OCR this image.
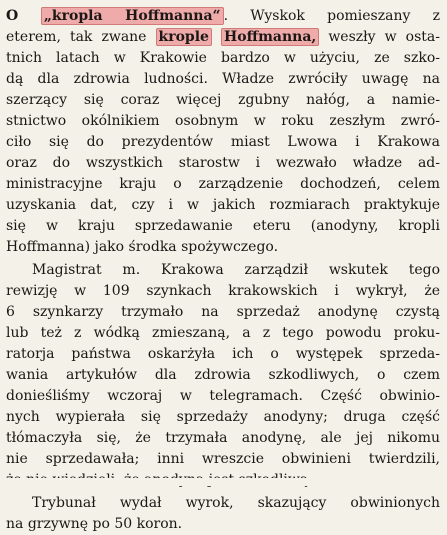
O „kropla Hoffmanna“ . Wyskok pomieszany z
eterem, tak zwane krople Hoffmanna, weszły w osta-
tnich latach w Krakowie bardzo w użyciu, ze szko-
dą dla zdrowia ludności. Władze zwróciły uwagę na
szerzący się coraz więcej zgubny nałóg, a namie-
stnictwo okólnikiem osobnym w roku zeszłym zwró-
ciło się do prezydentów miast Lwowa i Krakowa
oraz do wszystkich starostw i wezwało władze ad-
ministracyjne kraju o zarządzenie dochodzeń, celem
uzyskania dat, czy i w jakich rozmiarach praktykuje
się w kraju sprzedawanie eteru (anodyny, kropli
Hoffmanna) jako środka spożywczego.
Magistrat m. Krakowa zarządził wskutek tego
rewizję w 109 szynkach krakowskich i wykrył, że
6 szynkarzy trzymało na sprzedaż anodynę czystą
lub też z wódką zmieszaną, a z tego powodu proku-
ratorja państwa oskarżyła ich o występek sprzeda-
wania artykułów dla zdrowia szkodliwych, o czem
donieśliśmy wczoraj w telegramach. Część obwinio-
nych wypierała się sprzedaży anodyny; druga część
tłómaczyła się, że trzymała anodynę, ale jej nikomu
nie sprzedawała; inni wreszcie obwinieni twierdzili,
Trybunał wydał wyrok, skazujący obwinionych
na grzywnę po 50 koron.
